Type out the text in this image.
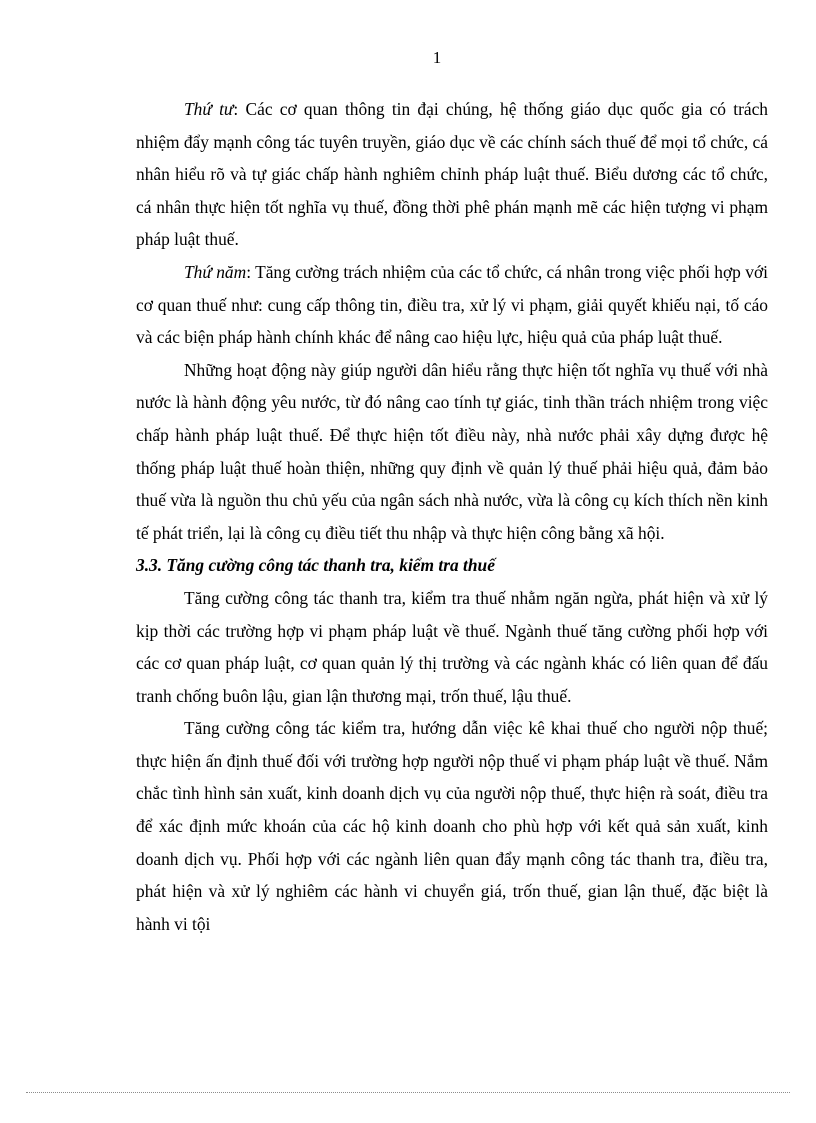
1

Thứ tư: Các cơ quan thông tin đại chúng, hệ thống giáo dục quốc gia có trách nhiệm đẩy mạnh công tác tuyên truyền, giáo dục về các chính sách thuế để mọi tổ chức, cá nhân hiểu rõ và tự giác chấp hành nghiêm chỉnh pháp luật thuế. Biểu dương các tổ chức, cá nhân thực hiện tốt nghĩa vụ thuế, đồng thời phê phán mạnh mẽ các hiện tượng vi phạm pháp luật thuế.

Thứ năm: Tăng cường trách nhiệm của các tổ chức, cá nhân trong việc phối hợp với cơ quan thuế như: cung cấp thông tin, điều tra, xử lý vi phạm, giải quyết khiếu nại, tố cáo và các biện pháp hành chính khác để nâng cao hiệu lực, hiệu quả của pháp luật thuế.

Những hoạt động này giúp người dân hiểu rằng thực hiện tốt nghĩa vụ thuế với nhà nước là hành động yêu nước, từ đó nâng cao tính tự giác, tinh thần trách nhiệm trong việc chấp hành pháp luật thuế. Để thực hiện tốt điều này, nhà nước phải xây dựng được hệ thống pháp luật thuế hoàn thiện, những quy định về quản lý thuế phải hiệu quả, đảm bảo thuế vừa là nguồn thu chủ yếu của ngân sách nhà nước, vừa là công cụ kích thích nền kinh tế phát triển, lại là công cụ điều tiết thu nhập và thực hiện công bằng xã hội.

3.3. Tăng cường công tác thanh tra, kiểm tra thuế

Tăng cường công tác thanh tra, kiểm tra thuế nhằm ngăn ngừa, phát hiện và xử lý kịp thời các trường hợp vi phạm pháp luật về thuế. Ngành thuế tăng cường phối hợp với các cơ quan pháp luật, cơ quan quản lý thị trường và các ngành khác có liên quan để đấu tranh chống buôn lậu, gian lận thương mại, trốn thuế, lậu thuế.

Tăng cường công tác kiểm tra, hướng dẫn việc kê khai thuế cho người nộp thuế; thực hiện ấn định thuế đối với trường hợp người nộp thuế vi phạm pháp luật về thuế. Nắm chắc tình hình sản xuất, kinh doanh dịch vụ của người nộp thuế, thực hiện rà soát, điều tra để xác định mức khoán của các hộ kinh doanh cho phù hợp với kết quả sản xuất, kinh doanh dịch vụ. Phối hợp với các ngành liên quan đẩy mạnh công tác thanh tra, điều tra, phát hiện và xử lý nghiêm các hành vi chuyển giá, trốn thuế, gian lận thuế, đặc biệt là hành vi tội
